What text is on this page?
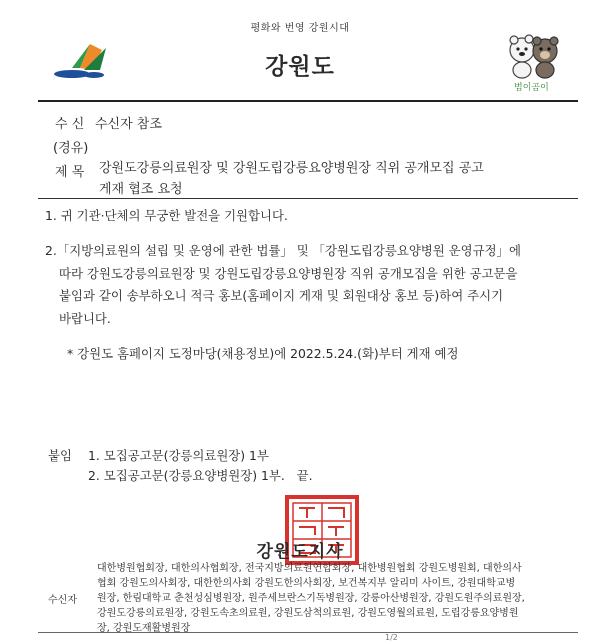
평화와 번영 강원시대
강원도
범이곰이
수 신 수신자 참조
(경유)
제 목 강원도강릉의료원장 및 강원도립강릉요양병원장 직위 공개모집 공고
게재 협조 요청
1. 귀 기관·단체의 무궁한 발전을 기원합니다.
2.「지방의료원의 설립 및 운영에 관한 법률」 및 「강원도립강릉요양병원 운영규정」에
따라 강원도강릉의료원장 및 강원도립강릉요양병원장 직위 공개모집을 위한 공고문을
붙임과 같이 송부하오니 적극 홍보(홈페이지 게재 및 회원대상 홍보 등)하여 주시기
바랍니다.
* 강원도 홈페이지 도정마당(채용정보)에 2022.5.24.(화)부터 게재 예정
붙임 1. 모집공고문(강릉의료원장) 1부
2. 모집공고문(강릉요양병원장) 1부.   끝.
강원도지사
수신자
대한병원협회장, 대한의사협회장, 전국지방의료원연합회장, 대한병원협회 강원도병원회, 대한의사
협회 강원도의사회장, 대한한의사회 강원도한의사회장, 보건복지부 알리미 사이트, 강원대학교병
원장, 한림대학교 춘천성심병원장, 원주세브란스기독병원장, 강릉아산병원장, 강원도원주의료원장,
강원도강릉의료원장, 강원도속초의료원, 강원도삼척의료원, 강원도영월의료원, 도립강릉요양병원
장, 강원도재활병원장
1/2
